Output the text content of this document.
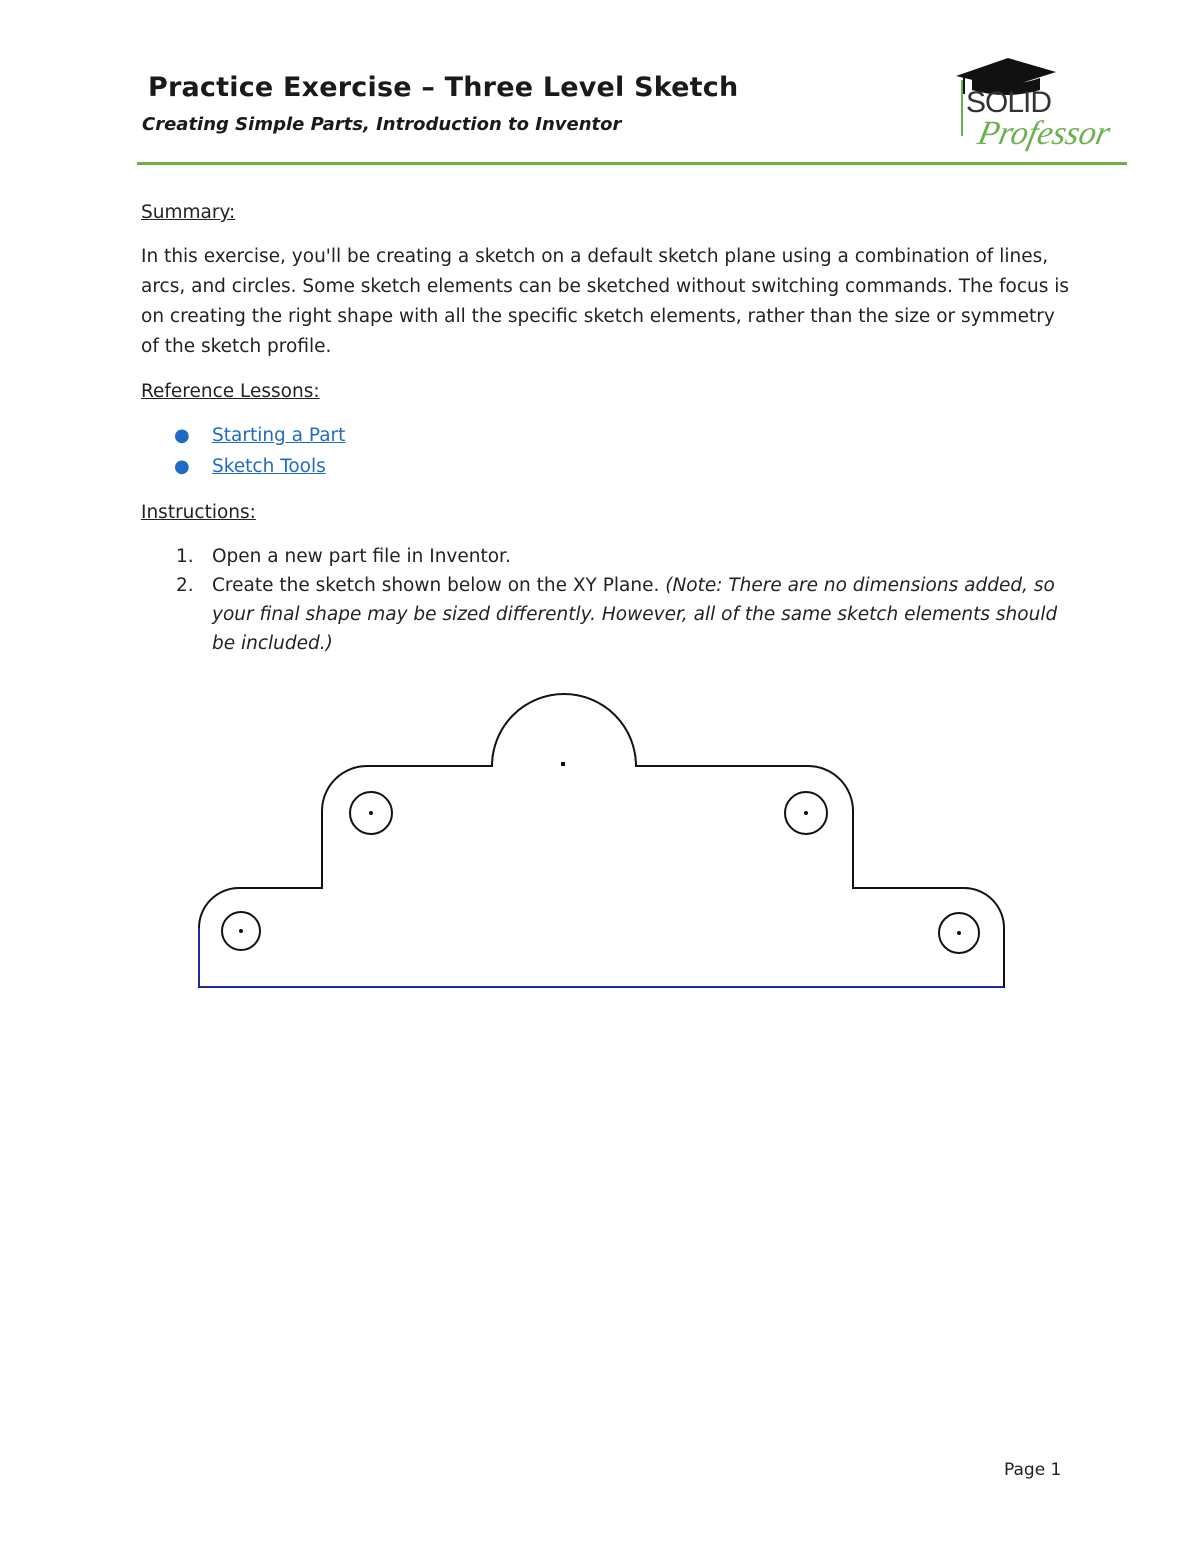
Practice Exercise – Three Level Sketch
Creating Simple Parts, Introduction to Inventor
SOLID
Professor
Summary:

In this exercise, you'll be creating a sketch on a default sketch plane using a combination of lines, arcs, and circles. Some sketch elements can be sketched without switching commands. The focus is on creating the right shape with all the specific sketch elements, rather than the size or symmetry of the sketch profile.

Reference Lessons:
● Starting a Part
● Sketch Tools
Instructions:
1. Open a new part file in Inventor.
2. Create the sketch shown below on the XY Plane. (Note: There are no dimensions added, so your final shape may be sized differently. However, all of the same sketch elements should be included.)
Page 1
